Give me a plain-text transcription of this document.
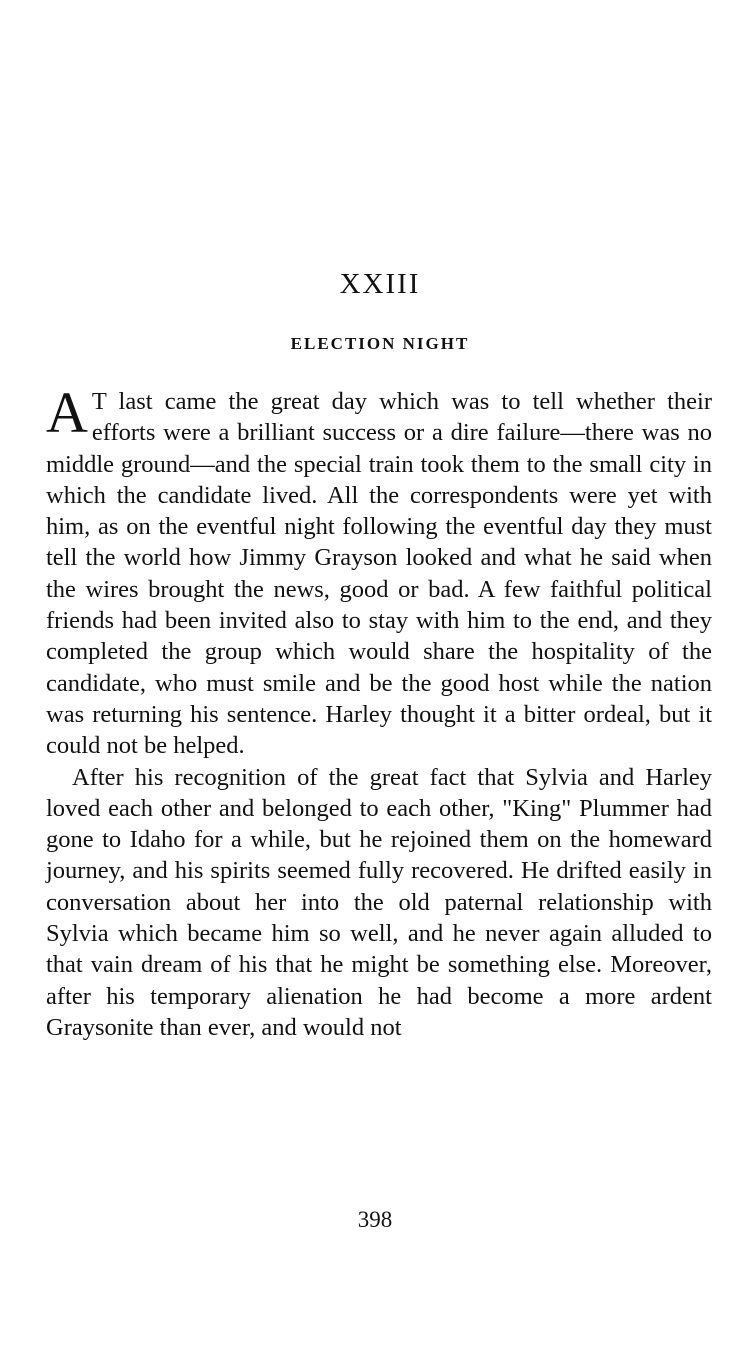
XXIII
ELECTION NIGHT

A T last came the great day which was to tell whether their efforts were a brilliant success or a dire failure—there was no middle ground—and the special train took them to the small city in which the candidate lived. All the correspondents were yet with him, as on the eventful night following the eventful day they must tell the world how Jimmy Grayson looked and what he said when the wires brought the news, good or bad. A few faithful political friends had been invited also to stay with him to the end, and they completed the group which would share the hospitality of the candidate, who must smile and be the good host while the nation was returning his sentence. Harley thought it a bitter ordeal, but it could not be helped.

After his recognition of the great fact that Sylvia and Harley loved each other and belonged to each other, "King" Plummer had gone to Idaho for a while, but he rejoined them on the homeward journey, and his spirits seemed fully recovered. He drifted easily in conversation about her into the old paternal relationship with Sylvia which became him so well, and he never again alluded to that vain dream of his that he might be something else. Moreover, after his temporary alienation he had become a more ardent Graysonite than ever, and would not

398
